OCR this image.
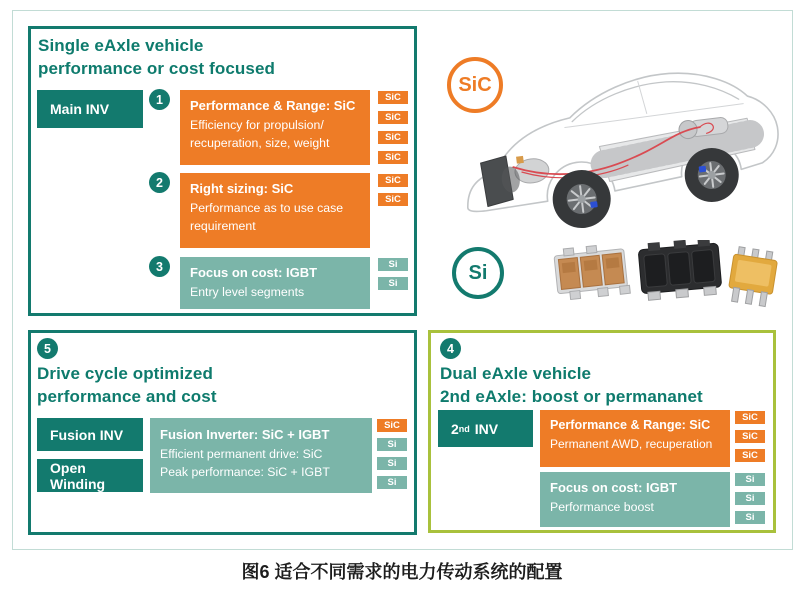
Single eAxle vehicle
performance or cost focused
Main INV
1	Performance & Range: SiC
Efficiency for propulsion/
recuperation, size, weight
SiC
SiC
SiC
SiC
2	Right sizing: SiC
Performance as to use case
requirement
SiC
SiC
3	Focus on cost: IGBT
Entry level segments
Si
Si
SiC
Si
5
Drive cycle optimized
performance and cost
Fusion INV
Open Winding
Fusion Inverter: SiC + IGBT
Efficient permanent drive: SiC
Peak performance: SiC + IGBT
SiC
Si
Si
Si
4
Dual eAxle vehicle
2nd eAxle: boost or permananet
2 nd
INV	Performance & Range: SiC
Permanent AWD, recuperation
SiC
SiC
SiC
Focus on cost: IGBT
Performance boost
Si
Si
Si
图6 适合不同需求的电力传动系统的配置
